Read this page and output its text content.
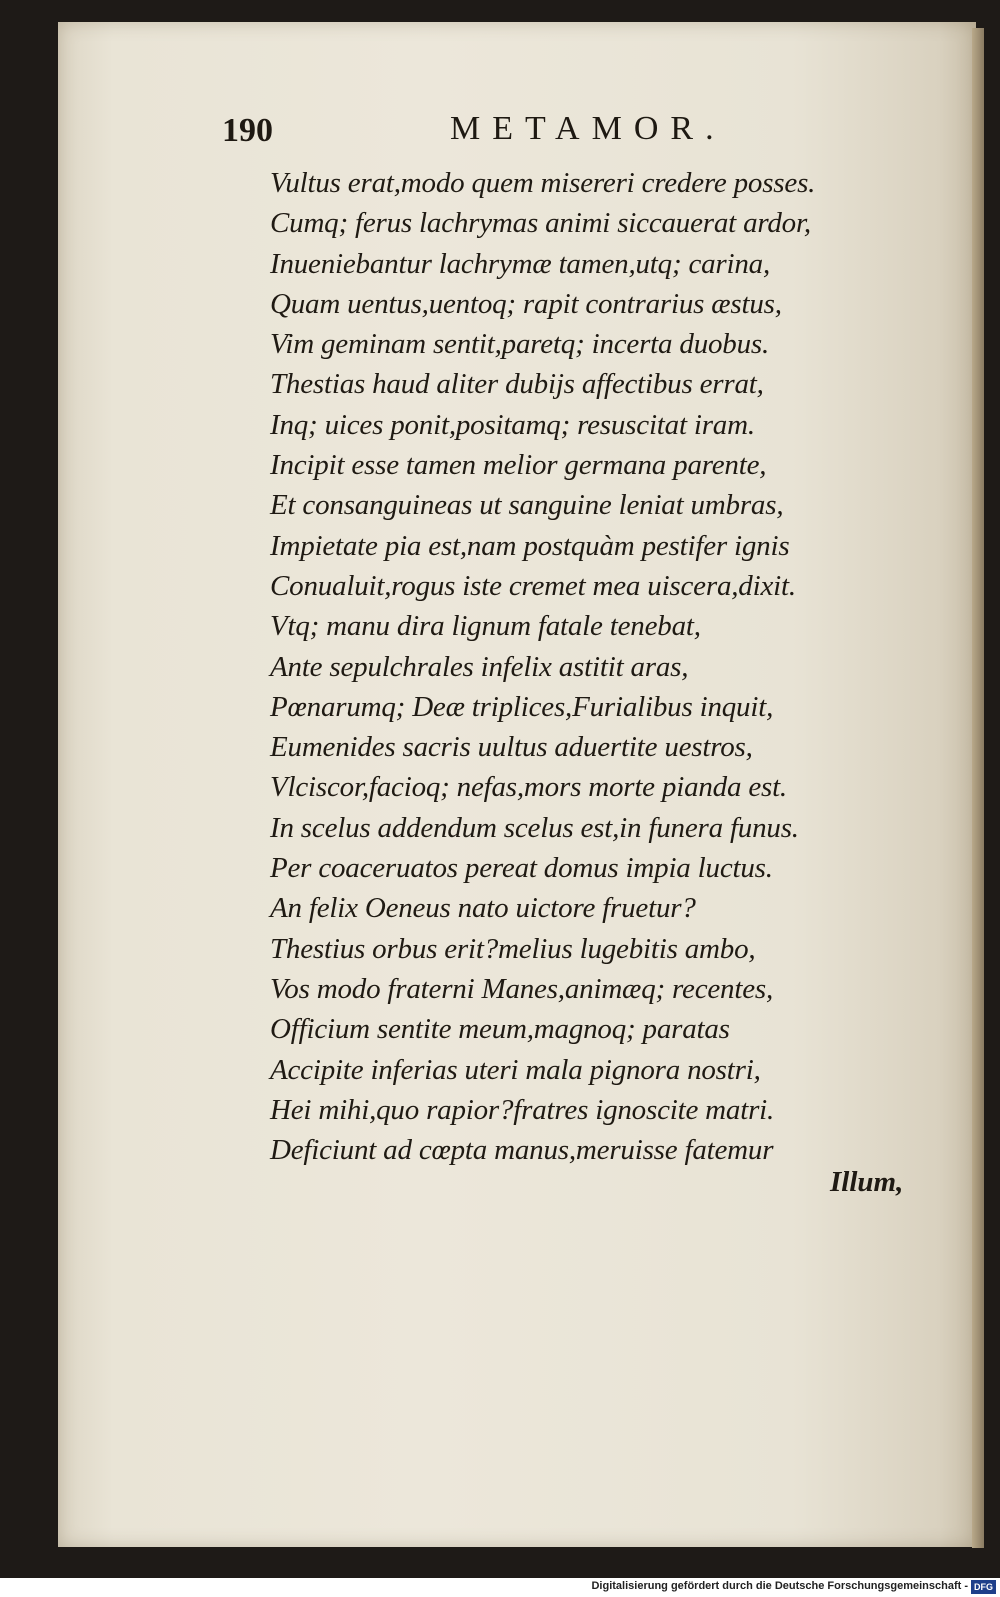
190	METAMOR.
Vultus erat,modo quem misereri credere posses.
Cumq; ferus lachrymas animi siccauerat ardor,
Inueniebantur lachrymæ tamen,utq; carina,
Quam uentus,uentoq; rapit contrarius æstus,
Vim geminam sentit,paretq; incerta duobus.
Thestias haud aliter dubijs affectibus errat,
Inq; uices ponit,positamq; resuscitat iram.
Incipit esse tamen melior germana parente,
Et consanguineas ut sanguine leniat umbras,
Impietate pia est,nam postquàm pestifer ignis
Conualuit,rogus iste cremet mea uiscera,dixit.
Vtq; manu dira lignum fatale tenebat,
Ante sepulchrales infelix astitit aras,
Pœnarumq; Deæ triplices,Furialibus inquit,
Eumenides sacris uultus aduertite uestros,
Vlciscor,facioq; nefas,mors morte pianda est.
In scelus addendum scelus est,in funera funus.
Per coaceruatos pereat domus impia luctus.
An felix Oeneus nato uictore fruetur?
Thestius orbus erit?melius lugebitis ambo,
Vos modo fraterni Manes,animæq; recentes,
Officium sentite meum,magnoq; paratas
Accipite inferias uteri mala pignora nostri,
Hei mihi,quo rapior?fratres ignoscite matri.
Deficiunt ad cœpta manus,meruisse fatemur
Illum,
Digitalisierung gefördert durch die Deutsche Forschungsgemeinschaft - DFG
